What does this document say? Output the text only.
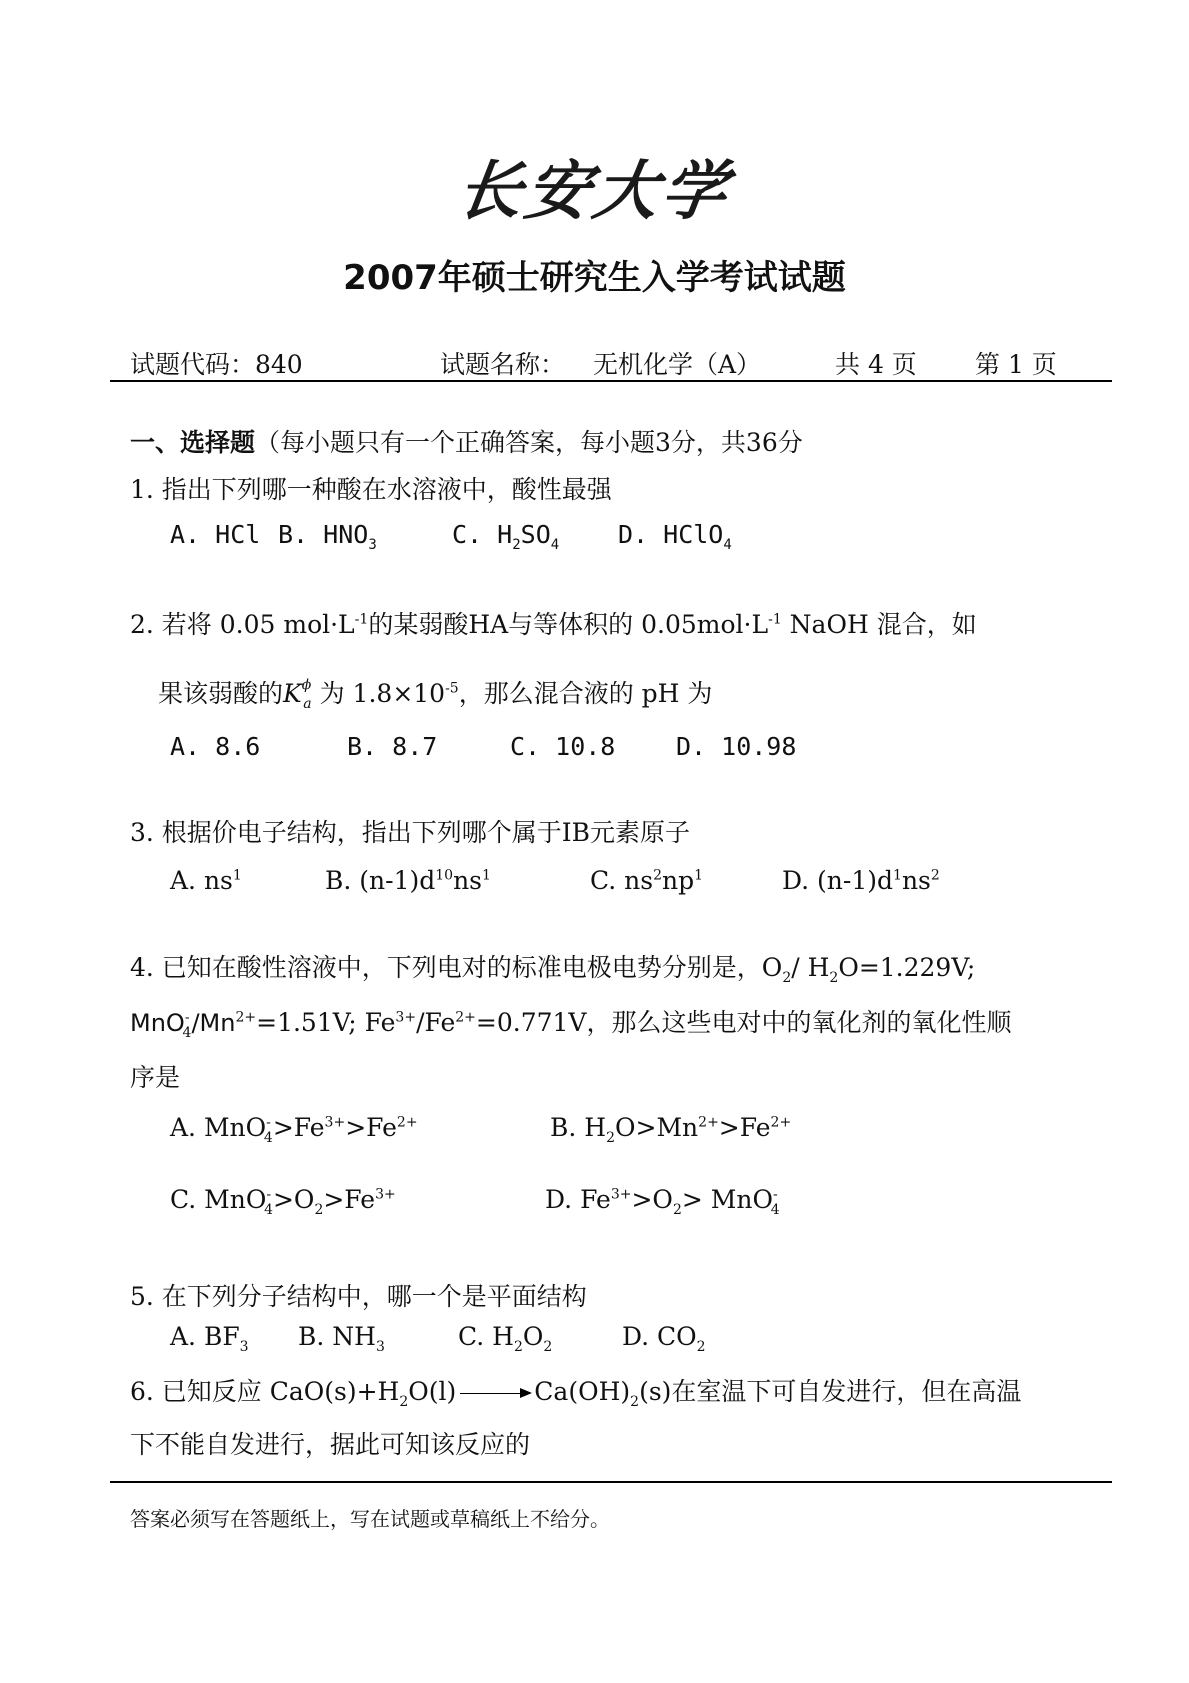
长安大学
2007年硕士研究生入学考试试题
试题代码：840	试题名称： 无机化学（A）	共 4 页 第 1 页
一、选择题（每小题只有一个正确答案，每小题3分，共36分
1. 指出下列哪一种酸在水溶液中，酸性最强
A. HCl B. $HNO_3$	C. $H_2SO_4$ D. HClO$_4$
2. 若将 0.05 $mol\cdot L^{-1}$的某弱酸HA与等体积的 $0.05mol\cdot L^{-1}$ NaOH 混合，如
果该弱酸的$K^\phi_a$ 为 $1.8\times 10^{-5}$，那么混合液的 pH 为
A. 8.6	B. 8.7	C. 10.8 D. 10.98
3. 根据价电子结构，指出下列哪个属于ⅠB元素原子
A. $ns^1$	B. $(n-1)d^{10}ns^1$	C. $ns^2np^1$	D. $(n-1)d^1ns^2$
4. 已知在酸性溶液中，下列电对的标准电极电势分别是，$O_2/$ $H_2O=1.229V$;
$MnO^-_4/Mn^{2+}=1.51V$; $Fe^{3+}/Fe^{2+}=0.771V$，那么这些电对中的氧化剂的氧化性顺
序是
A. $MnO^-_4>Fe^{3+}>Fe^{2+}$	B. $H_2O>Mn^{2+}>Fe^{2+}$
C. $MnO^-_4>O_2>Fe^{3+}$	D. $Fe^{3+}>O_2> MnO^-_4$
5. 在下列分子结构中，哪一个是平面结构
A. $BF_3$ B. $NH_3$	C. $H_2O_2$	D. $CO_2$
6. 已知反应 $CaO(s)+H_2O(l) \to Ca(OH)_2(s)$在室温下可自发进行，但在高温
下不能自发进行，据此可知该反应的
答案必须写在答题纸上，写在试题或草稿纸上不给分。
